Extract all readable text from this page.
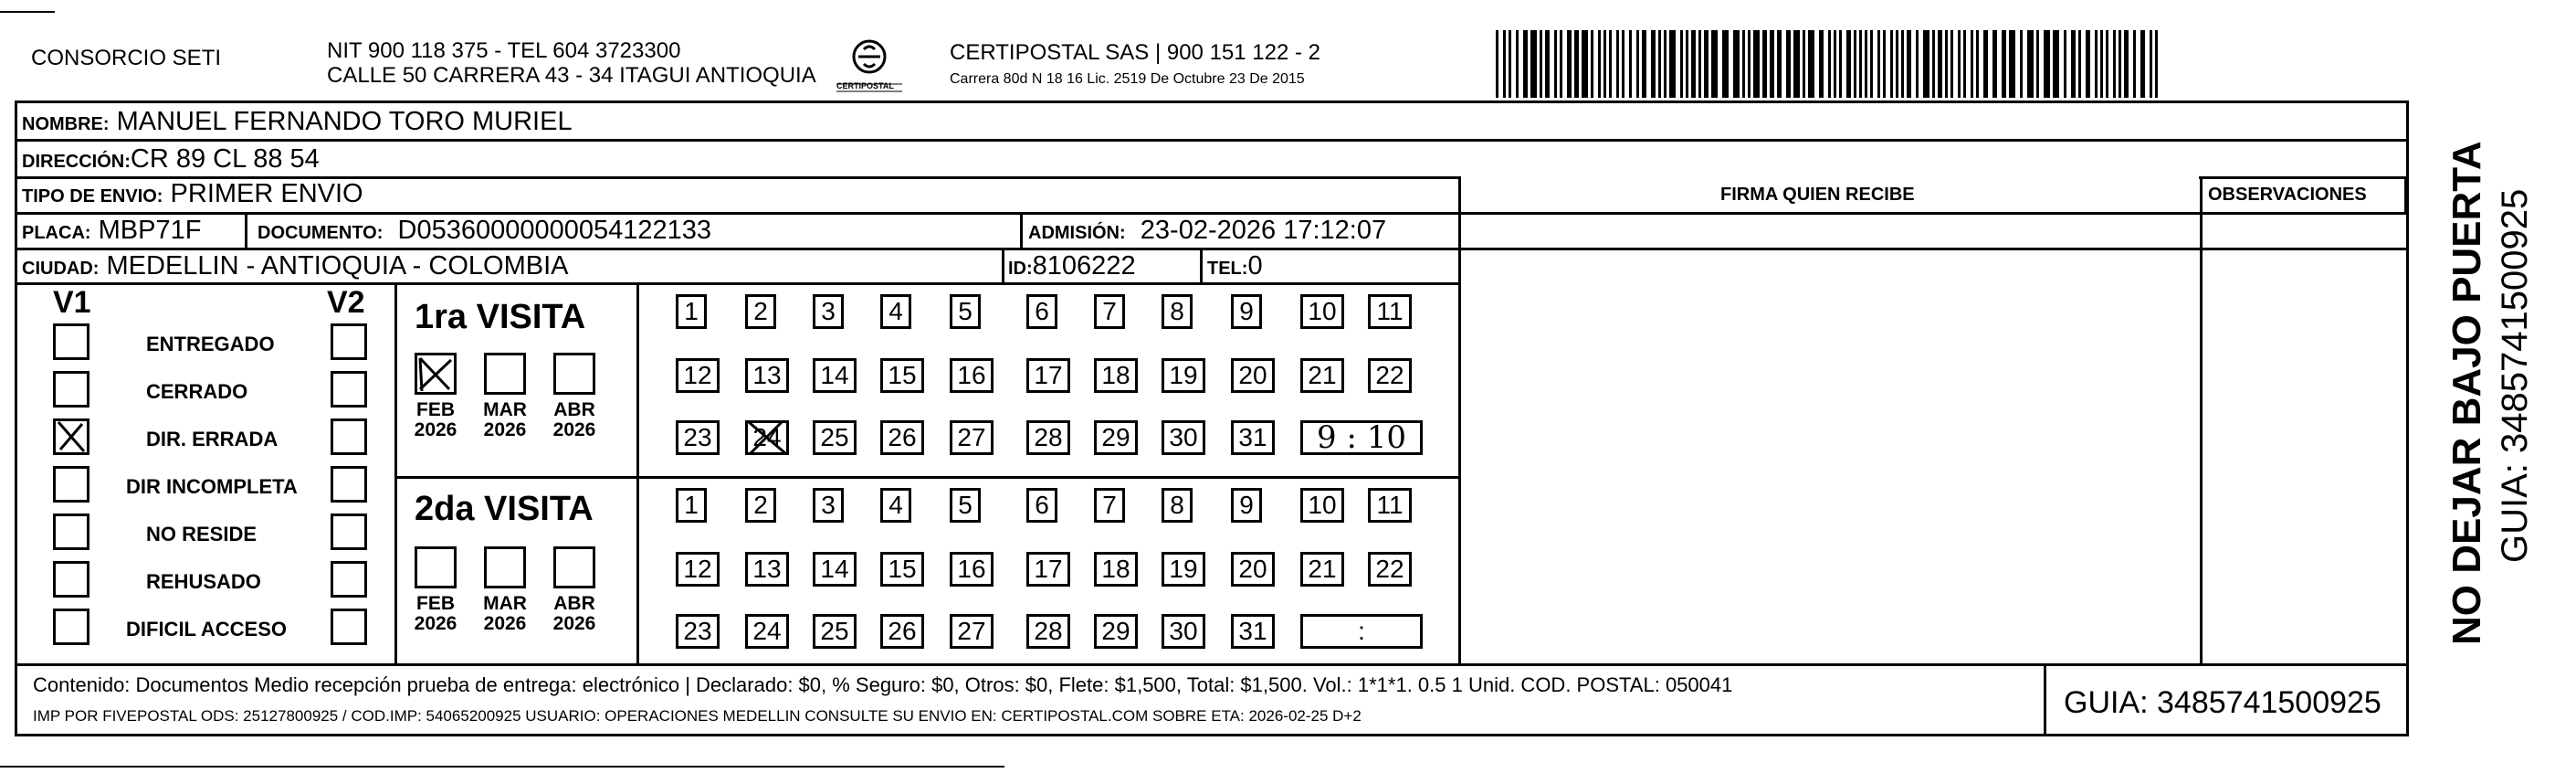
CONSORCIO SETI	NIT 900 118 375 - TEL 604 3723300
CALLE 50 CARRERA 43 - 34 ITAGUI ANTIOQUIA CERTIPOSTAL
CERTIPOSTAL SAS | 900 151 122 - 2
Carrera 80d N 18 16 Lic. 2519 De Octubre 23 De 2015
NOMBRE: MANUEL FERNANDO TORO MURIEL
DIRECCIÓN:CR 89 CL 88 54
TIPO DE ENVIO: PRIMER ENVIO
PLACA: MBP71F	DOCUMENTO: D05360000000054122133	ADMISIÓN: 23-02-2026 17:12:07
CIUDAD: MEDELLIN - ANTIOQUIA - COLOMBIA	ID:8106222	TEL:0
FIRMA QUIEN RECIBE	OBSERVACIONES
V1	V2
ENTREGADO
CERRADO
DIR. ERRADA
DIR INCOMPLETA
NO RESIDE
REHUSADO
DIFICIL ACCESO
1ra VISITA
2da VISITA
FEB
2026
MAR
2026
ABR
2026
1	2	3	4	5	6	7	8	9	10	11
12	13	14	15	16	17	18	19	20	21	22
23	24	25	26	27	28	29	30	31	9 : 10
FEB
2026
MAR
2026
ABR
2026
1	2	3	4	5	6	7	8	9	10	11
12	13	14	15	16	17	18	19	20	21	22
23	24	25	26	27	28	29	30	31	:
Contenido: Documentos Medio recepción prueba de entrega: electrónico | Declarado: $0, % Seguro: $0, Otros: $0, Flete: $1,500, Total: $1,500. Vol.: 1*1*1. 0.5 1 Unid. COD. POSTAL: 050041
IMP POR FIVEPOSTAL ODS: 25127800925 / COD.IMP: 54065200925 USUARIO: OPERACIONES MEDELLIN CONSULTE SU ENVIO EN: CERTIPOSTAL.COM SOBRE ETA: 2026-02-25 D+2	GUIA: 3485741500925
NO DEJAR BAJO PUERTA GUIA: 3485741500925
